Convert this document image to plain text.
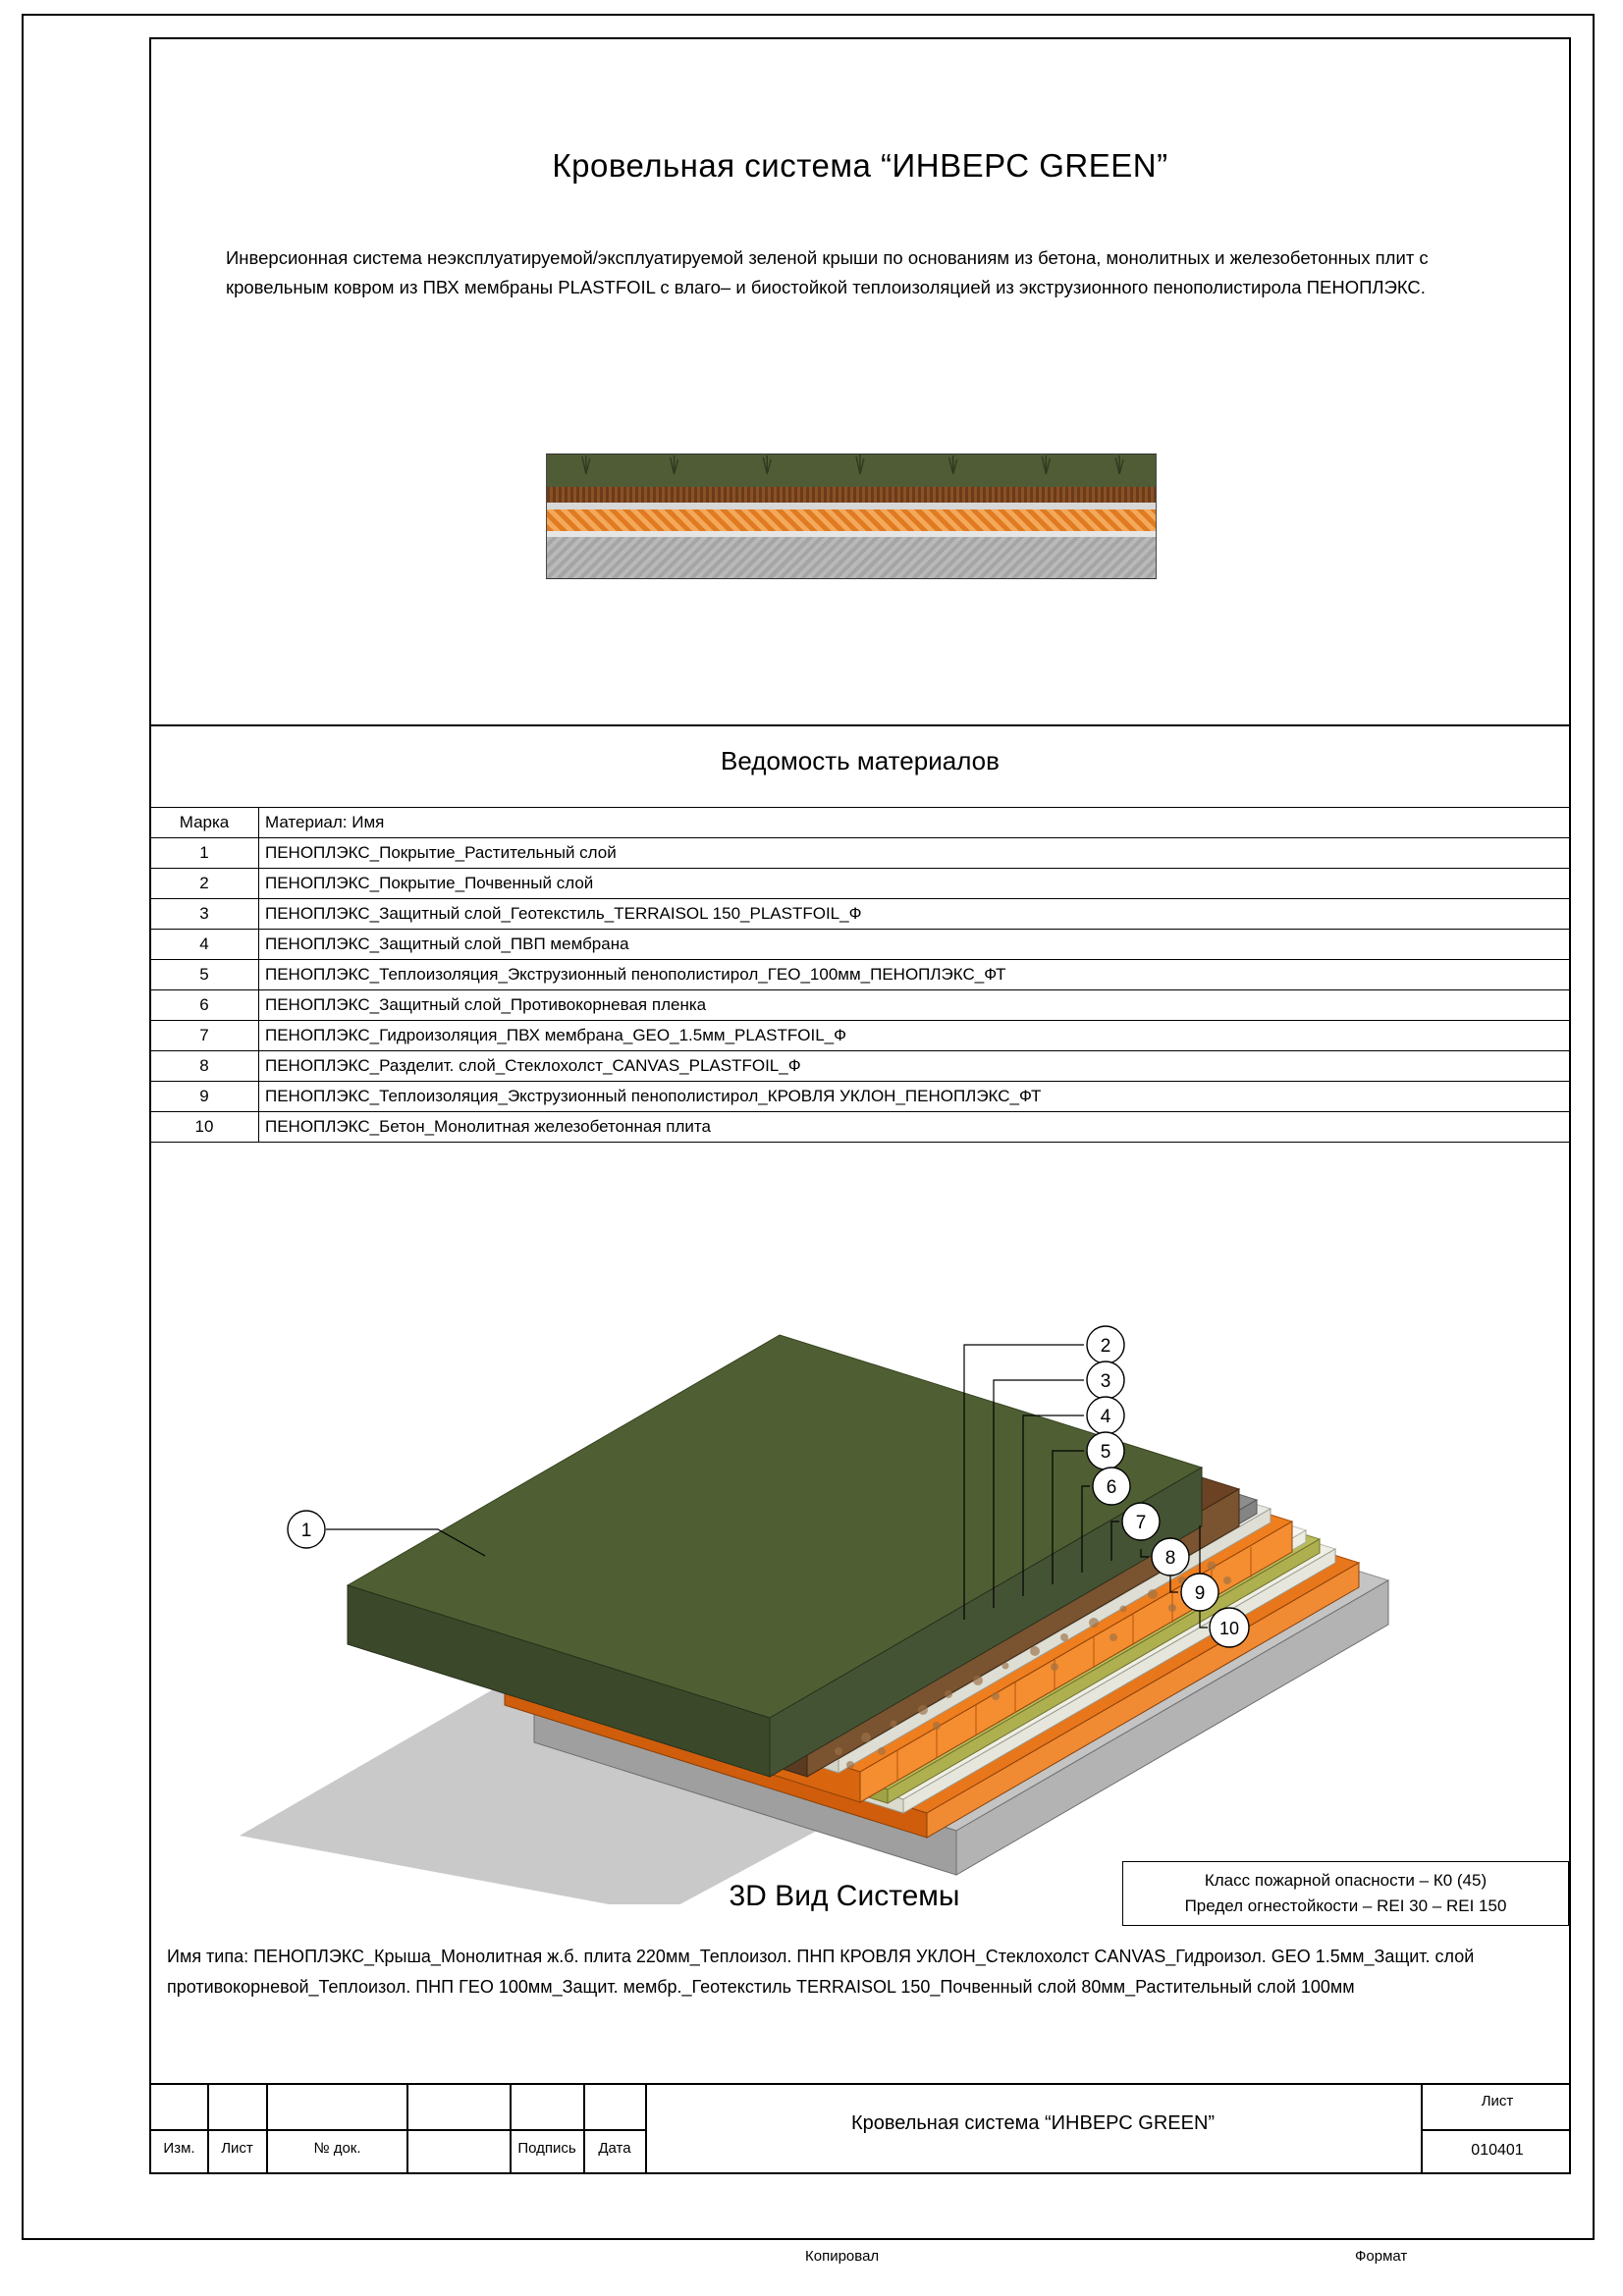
Кровельная система “ИНВЕРС GREEN”
Инверсионная система неэксплуатируемой/эксплуатируемой зеленой крыши по основаниям из бетона, монолитных и железобетонных плит с кровельным ковром из ПВХ мембраны PLASTFOIL с влаго– и биостойкой теплоизоляцией из экструзионного пенополистирола ПЕНОПЛЭКС.
Ведомость материалов
Марка	Материал: Имя
1	ПЕНОПЛЭКС_Покрытие_Растительный слой
2	ПЕНОПЛЭКС_Покрытие_Почвенный слой
3	ПЕНОПЛЭКС_Защитный слой_Геотекстиль_TERRAISOL 150_PLASTFOIL_Ф
4	ПЕНОПЛЭКС_Защитный слой_ПВП мембрана
5	ПЕНОПЛЭКС_Теплоизоляция_Экструзионный пенополистирол_ГЕО_100мм_ПЕНОПЛЭКС_ФТ
6	ПЕНОПЛЭКС_Защитный слой_Противокорневая пленка
7	ПЕНОПЛЭКС_Гидроизоляция_ПВХ мембрана_GEO_1.5мм_PLASTFOIL_Ф
8	ПЕНОПЛЭКС_Разделит. слой_Стеклохолст_CANVAS_PLASTFOIL_Ф
9	ПЕНОПЛЭКС_Теплоизоляция_Экструзионный пенополистирол_КРОВЛЯ УКЛОН_ПЕНОПЛЭКС_ФТ
10	ПЕНОПЛЭКС_Бетон_Монолитная железобетонная плита
1
2
3
4
5
6
7
8
9
10
3D Вид Системы	Класс пожарной опасности – К0 (45)
Предел огнестойкости – REI 30 – REI 150
Имя типа: ПЕНОПЛЭКС_Крыша_Монолитная ж.б. плита 220мм_Теплоизол. ПНП КРОВЛЯ УКЛОН_Стеклохолст CANVAS_Гидроизол. GEO 1.5мм_Защит. слой противокорневой_Теплоизол. ПНП ГЕО 100мм_Защит. мембр._Геотекстиль TERRAISOL 150_Почвенный слой 80мм_Растительный слой 100мм
Изм.	Лист	№ док.	Подпись	Дата
Кровельная система “ИНВЕРС GREEN”
Лист
010401
Копировал	Формат
